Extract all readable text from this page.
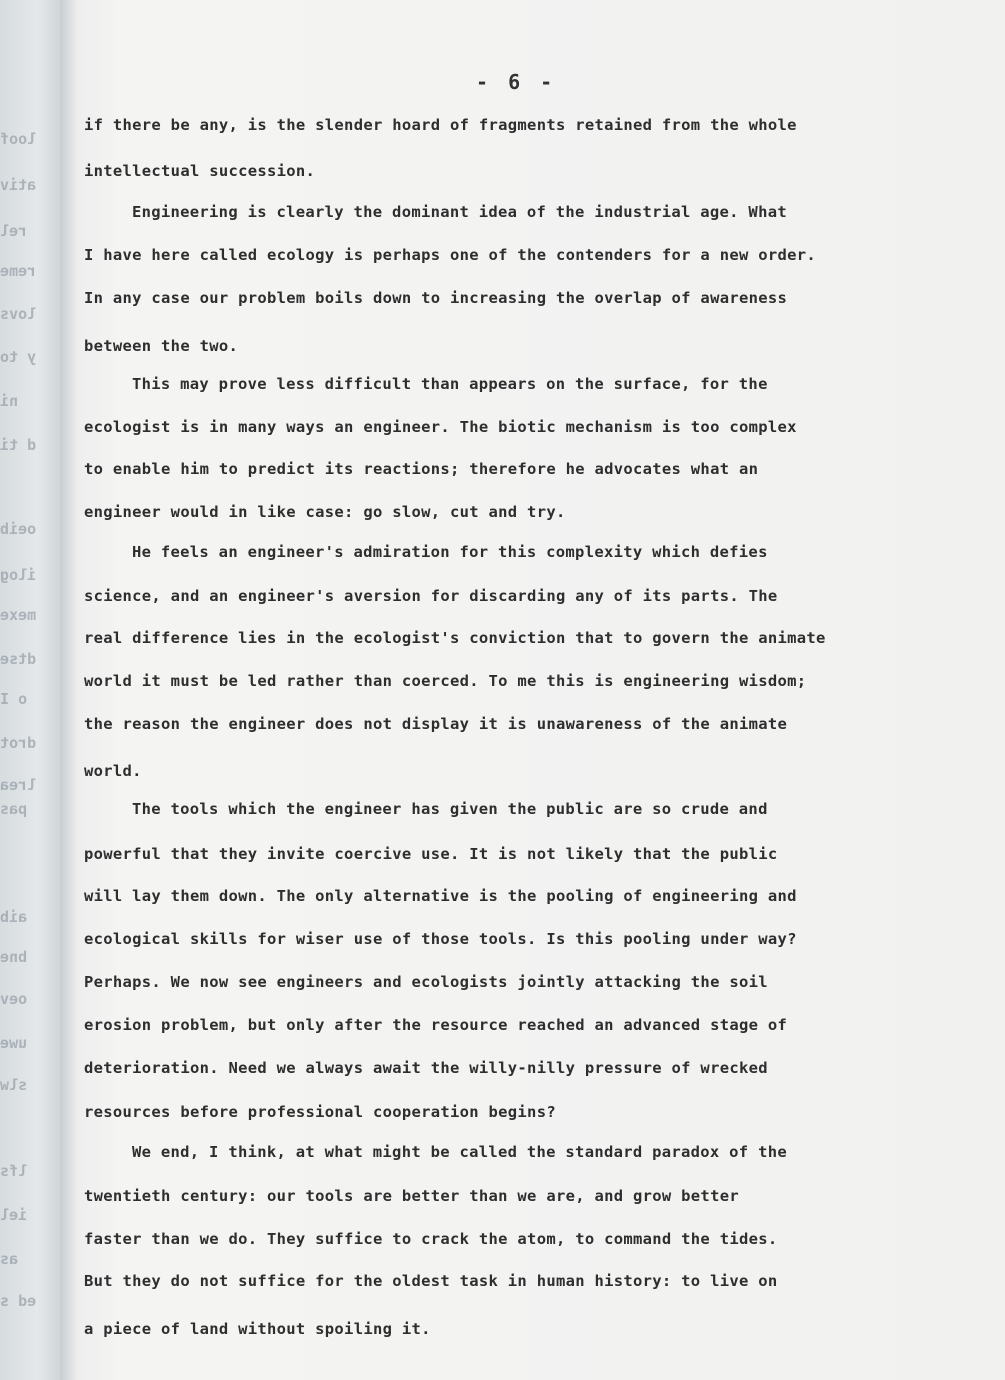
loof
ativ
rel
reme
lovs
y to
ni
d ti
oeib
ilog
mexe
dtse
o I
drot
lrea
pas
aib
bne
oev
uwe
slw
lfs
iel
as
ed s
- 6 -
if there be any, is the slender hoard of fragments retained from the whole
intellectual succession.
Engineering is clearly the dominant idea of the industrial age. What
I have here called ecology is perhaps one of the contenders for a new order.
In any case our problem boils down to increasing the overlap of awareness
between the two.
This may prove less difficult than appears on the surface, for the
ecologist is in many ways an engineer. The biotic mechanism is too complex
to enable him to predict its reactions; therefore he advocates what an
engineer would in like case: go slow, cut and try.
He feels an engineer's admiration for this complexity which defies
science, and an engineer's aversion for discarding any of its parts. The
real difference lies in the ecologist's conviction that to govern the animate
world it must be led rather than coerced. To me this is engineering wisdom;
the reason the engineer does not display it is unawareness of the animate
world.
The tools which the engineer has given the public are so crude and
powerful that they invite coercive use. It is not likely that the public
will lay them down. The only alternative is the pooling of engineering and
ecological skills for wiser use of those tools. Is this pooling under way?
Perhaps. We now see engineers and ecologists jointly attacking the soil
erosion problem, but only after the resource reached an advanced stage of
deterioration. Need we always await the willy-nilly pressure of wrecked
resources before professional cooperation begins?
We end, I think, at what might be called the standard paradox of the
twentieth century: our tools are better than we are, and grow better
faster than we do. They suffice to crack the atom, to command the tides.
But they do not suffice for the oldest task in human history: to live on
a piece of land without spoiling it.
